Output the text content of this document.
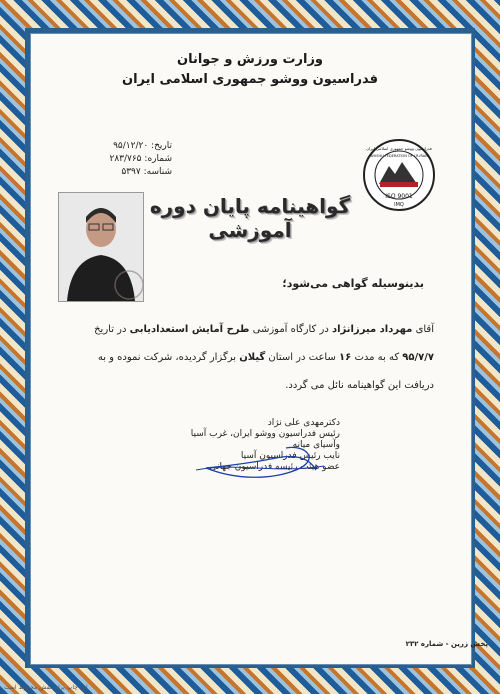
وزارت ورزش و جوانان
فدراسیون ووشو جمهوری اسلامی ایران
تاریخ: ۹۵/۱۲/۲۰
شماره: ۲۸۳/۷۶۵
شناسه: ۵۳۹۷
ISO 9001
IMQ
فدراسیون ووشو جمهوری اسلامی ایران
WUSHU FEDERATION OF I.R.IRAN
گواهینامه پایان دوره آموزشی
بدینوسیله گواهی می‌شود؛
آقای مهرداد میرزانژاد در کارگاه آموزشی طرح آمایش استعدادیابی در تاریخ
۹۵/۷/۷ که به مدت ۱۶ ساعت در استان گیلان برگزار گردیده، شرکت نموده و به
دریافت این گواهینامه نائل می گردد.
دکترمهدی علی نژاد
رئیس فدراسیون ووشو ایران، غرب آسیا وآسیای میانه
نایب رئیس فدراسیون آسیا
عضو هیئت رئیسه فدراسیون جهانی
پخش زرین - شماره ۲۳۲
این چاپ برای نقش محفوظ است
